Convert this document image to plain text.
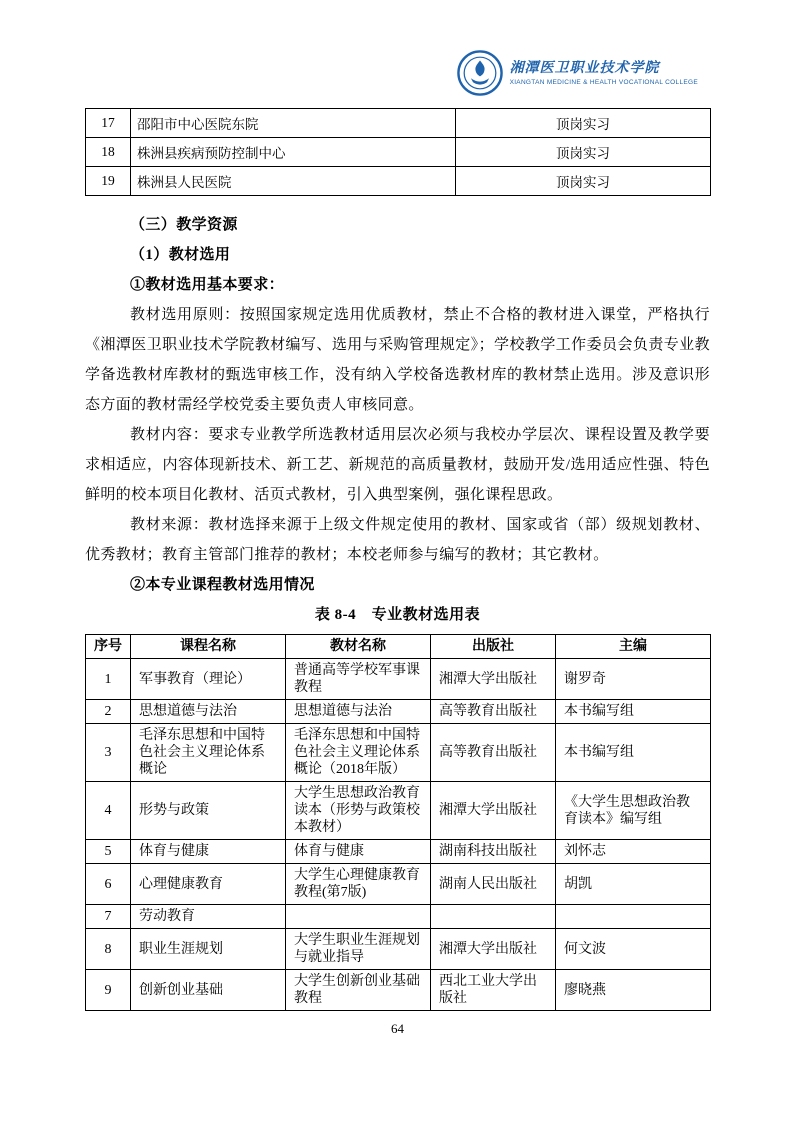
湘潭医卫职业技术学院
XIANGTAN MEDICINE & HEALTH VOCATIONAL COLLEGE
17	邵阳市中心医院东院	顶岗实习
18	株洲县疾病预防控制中心	顶岗实习
19	株洲县人民医院	顶岗实习
（三）教学资源
（1）教材选用
①教材选用基本要求：

教材选用原则：按照国家规定选用优质教材，禁止不合格的教材进入课堂，严格执行《湘潭医卫职业技术学院教材编写、选用与采购管理规定》；学校教学工作委员会负责专业教学备选教材库教材的甄选审核工作，没有纳入学校备选教材库的教材禁止选用。涉及意识形态方面的教材需经学校党委主要负责人审核同意。

教材内容：要求专业教学所选教材适用层次必须与我校办学层次、课程设置及教学要求相适应，内容体现新技术、新工艺、新规范的高质量教材，鼓励开发/选用适应性强、特色鲜明的校本项目化教材、活页式教材，引入典型案例，强化课程思政。

教材来源：教材选择来源于上级文件规定使用的教材、国家或省（部）级规划教材、优秀教材；教育主管部门推荐的教材；本校老师参与编写的教材；其它教材。

②本专业课程教材选用情况
表 8-4　专业教材选用表
序号	课程名称	教材名称	出版社	主编
1	军事教育（理论）	普通高等学校军事课教程	湘潭大学出版社	谢罗奇
2	思想道德与法治	思想道德与法治	高等教育出版社	本书编写组
3	毛泽东思想和中国特色社会主义理论体系概论	毛泽东思想和中国特色社会主义理论体系概论（2018年版）	高等教育出版社	本书编写组
4	形势与政策	大学生思想政治教育读本（形势与政策校本教材）	湘潭大学出版社	《大学生思想政治教育读本》编写组
5	体育与健康	体育与健康	湖南科技出版社	刘怀志
6	心理健康教育	大学生心理健康教育教程(第7版)	湖南人民出版社	胡凯
7	劳动教育			
8	职业生涯规划	大学生职业生涯规划与就业指导	湘潭大学出版社	何文波
9	创新创业基础	大学生创新创业基础教程	西北工业大学出版社	廖晓燕
64
